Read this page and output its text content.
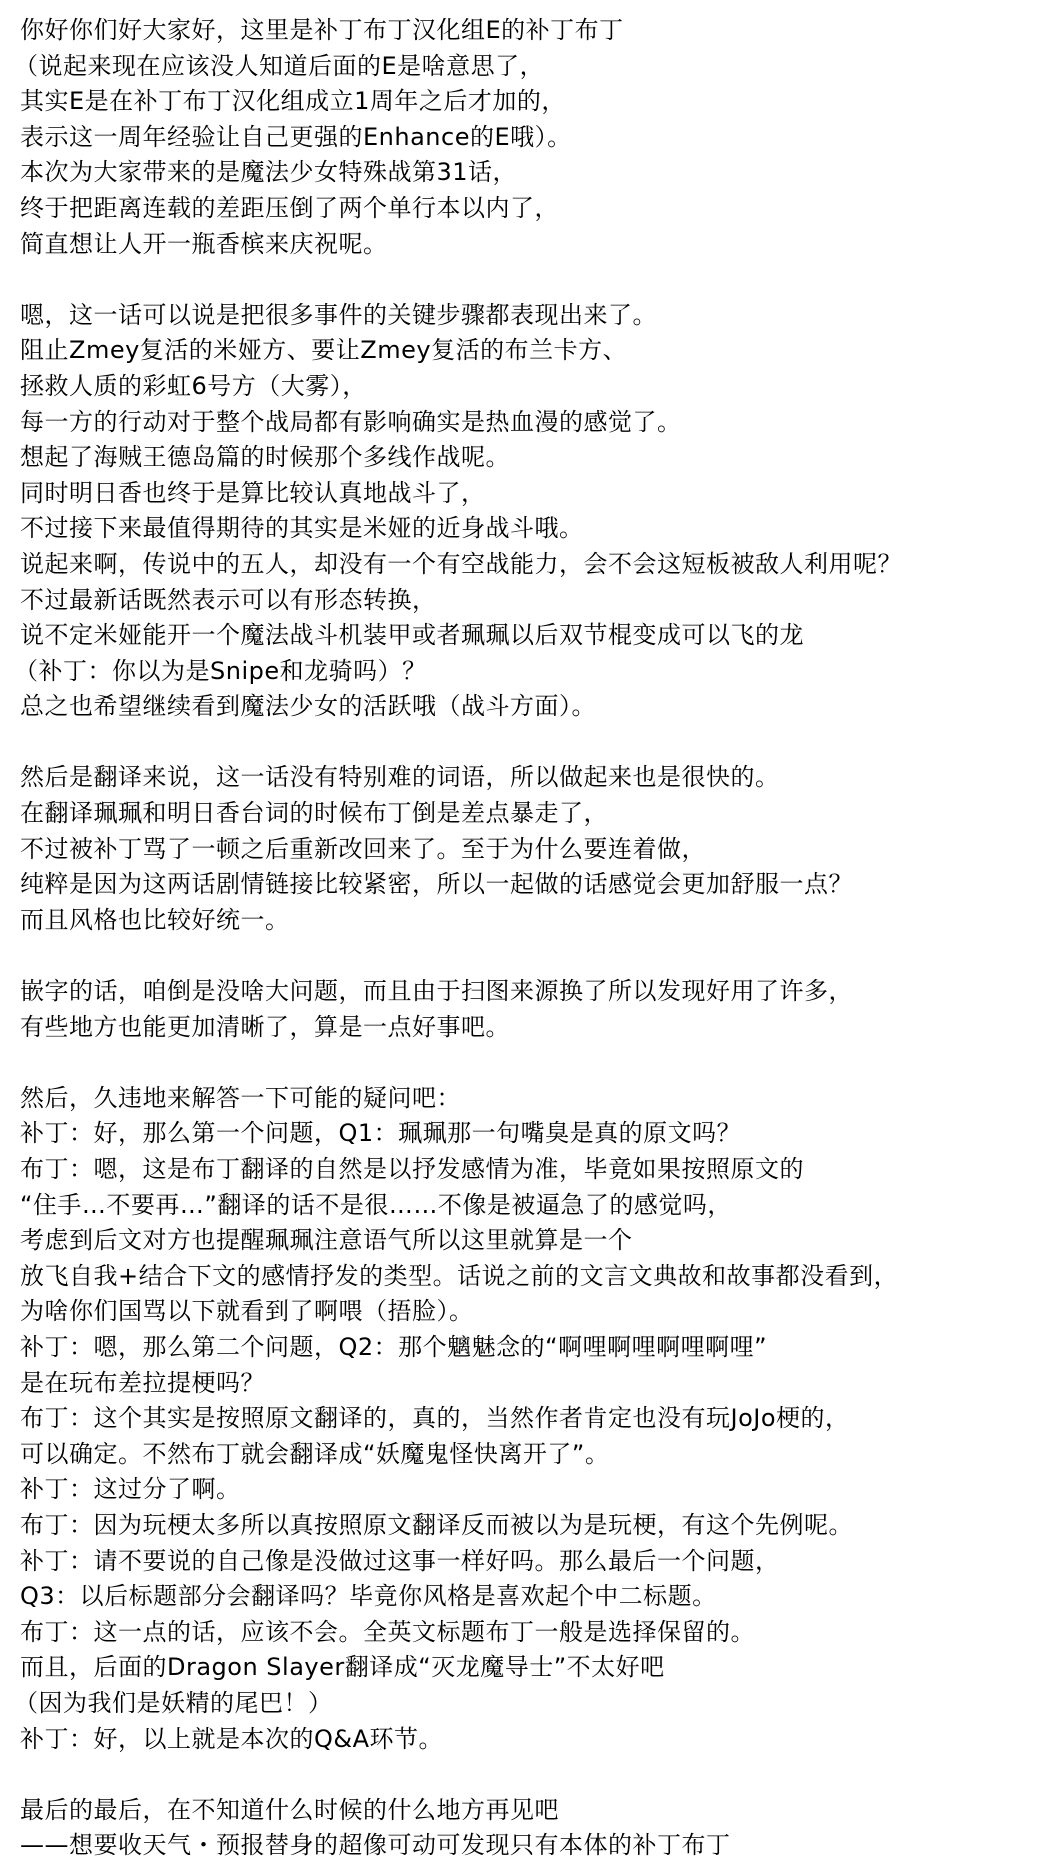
你好你们好大家好，这里是补丁布丁汉化组E的补丁布丁
（说起来现在应该没人知道后面的E是啥意思了，
其实E是在补丁布丁汉化组成立1周年之后才加的，
表示这一周年经验让自己更强的Enhance的E哦）。
本次为大家带来的是魔法少女特殊战第31话，
终于把距离连载的差距压倒了两个单行本以内了，
简直想让人开一瓶香槟来庆祝呢。
嗯，这一话可以说是把很多事件的关键步骤都表现出来了。
阻止Zmey复活的米娅方、要让Zmey复活的布兰卡方、
拯救人质的彩虹6号方（大雾），
每一方的行动对于整个战局都有影响确实是热血漫的感觉了。
想起了海贼王德岛篇的时候那个多线作战呢。
同时明日香也终于是算比较认真地战斗了，
不过接下来最值得期待的其实是米娅的近身战斗哦。
说起来啊，传说中的五人，却没有一个有空战能力，会不会这短板被敌人利用呢？
不过最新话既然表示可以有形态转换，
说不定米娅能开一个魔法战斗机装甲或者珮珮以后双节棍变成可以飞的龙
（补丁：你以为是Snipe和龙骑吗）？
总之也希望继续看到魔法少女的活跃哦（战斗方面）。
然后是翻译来说，这一话没有特别难的词语，所以做起来也是很快的。
在翻译珮珮和明日香台词的时候布丁倒是差点暴走了，
不过被补丁骂了一顿之后重新改回来了。至于为什么要连着做，
纯粹是因为这两话剧情链接比较紧密，所以一起做的话感觉会更加舒服一点？
而且风格也比较好统一。
嵌字的话，咱倒是没啥大问题，而且由于扫图来源换了所以发现好用了许多，
有些地方也能更加清晰了，算是一点好事吧。
然后，久违地来解答一下可能的疑问吧：
补丁：好，那么第一个问题，Q1：珮珮那一句嘴臭是真的原文吗？
布丁：嗯，这是布丁翻译的自然是以抒发感情为准，毕竟如果按照原文的
“住手…不要再…”翻译的话不是很……不像是被逼急了的感觉吗，
考虑到后文对方也提醒珮珮注意语气所以这里就算是一个
放飞自我+结合下文的感情抒发的类型。话说之前的文言文典故和故事都没看到，
为啥你们国骂以下就看到了啊喂（捂脸）。
补丁：嗯，那么第二个问题，Q2：那个魑魅念的“啊哩啊哩啊哩啊哩”
是在玩布差拉提梗吗？
布丁：这个其实是按照原文翻译的，真的，当然作者肯定也没有玩JoJo梗的，
可以确定。不然布丁就会翻译成“妖魔鬼怪快离开了”。
补丁：这过分了啊。
布丁：因为玩梗太多所以真按照原文翻译反而被以为是玩梗，有这个先例呢。
补丁：请不要说的自己像是没做过这事一样好吗。那么最后一个问题，
Q3：以后标题部分会翻译吗？毕竟你风格是喜欢起个中二标题。
布丁：这一点的话，应该不会。全英文标题布丁一般是选择保留的。
而且，后面的Dragon Slayer翻译成“灭龙魔导士”不太好吧
（因为我们是妖精的尾巴！）
补丁：好，以上就是本次的Q&A环节。
最后的最后，在不知道什么时候的什么地方再见吧
——想要收天气・预报替身的超像可动可发现只有本体的补丁布丁
